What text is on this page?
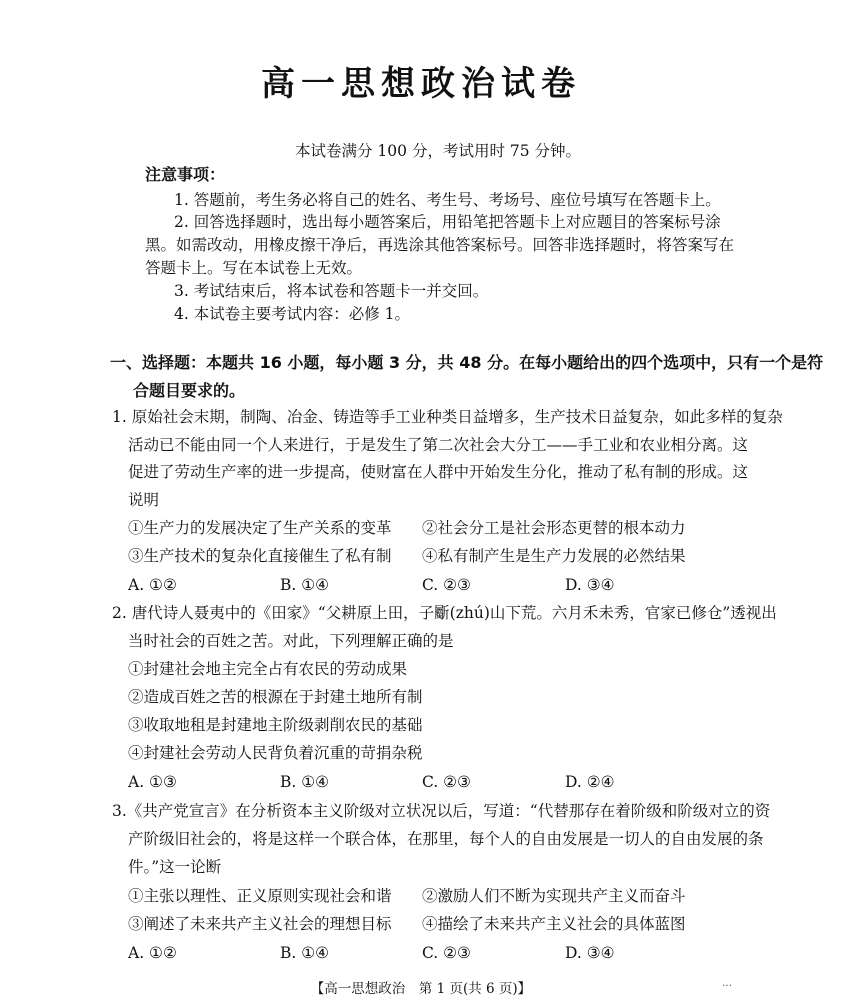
高一思想政治试卷
本试卷满分 100 分，考试用时 75 分钟。
注意事项：
1. 答题前，考生务必将自己的姓名、考生号、考场号、座位号填写在答题卡上。
2. 回答选择题时，选出每小题答案后，用铅笔把答题卡上对应题目的答案标号涂
黑。如需改动，用橡皮擦干净后，再选涂其他答案标号。回答非选择题时，将答案写在
答题卡上。写在本试卷上无效。
3. 考试结束后，将本试卷和答题卡一并交回。
4. 本试卷主要考试内容：必修 1。
一、选择题：本题共 16 小题，每小题 3 分，共 48 分。在每小题给出的四个选项中，只有一个是符
合题目要求的。
1. 原始社会末期，制陶、冶金、铸造等手工业种类日益增多，生产技术日益复杂，如此多样的复杂
活动已不能由同一个人来进行，于是发生了第二次社会大分工——手工业和农业相分离。这
促进了劳动生产率的进一步提高，使财富在人群中开始发生分化，推动了私有制的形成。这
说明
①生产力的发展决定了生产关系的变革 ②社会分工是社会形态更替的根本动力
③生产技术的复杂化直接催生了私有制 ④私有制产生是生产力发展的必然结果
A. ①②	B. ①④	C. ②③	D. ③④
2. 唐代诗人聂夷中的《田家》“父耕原上田，子斸(zhú)山下荒。六月禾未秀，官家已修仓”透视出
当时社会的百姓之苦。对此，下列理解正确的是
①封建社会地主完全占有农民的劳动成果
②造成百姓之苦的根源在于封建土地所有制
③收取地租是封建地主阶级剥削农民的基础
④封建社会劳动人民背负着沉重的苛捐杂税
A. ①③	B. ①④	C. ②③	D. ②④
3.《共产党宣言》在分析资本主义阶级对立状况以后，写道：“代替那存在着阶级和阶级对立的资
产阶级旧社会的，将是这样一个联合体，在那里，每个人的自由发展是一切人的自由发展的条
件。”这一论断
①主张以理性、正义原则实现社会和谐 ②激励人们不断为实现共产主义而奋斗
③阐述了未来共产主义社会的理想目标 ④描绘了未来共产主义社会的具体蓝图
A. ①②	B. ①④	C. ②③	D. ③④
【高一思想政治　第 1 页(共 6 页)】	…
